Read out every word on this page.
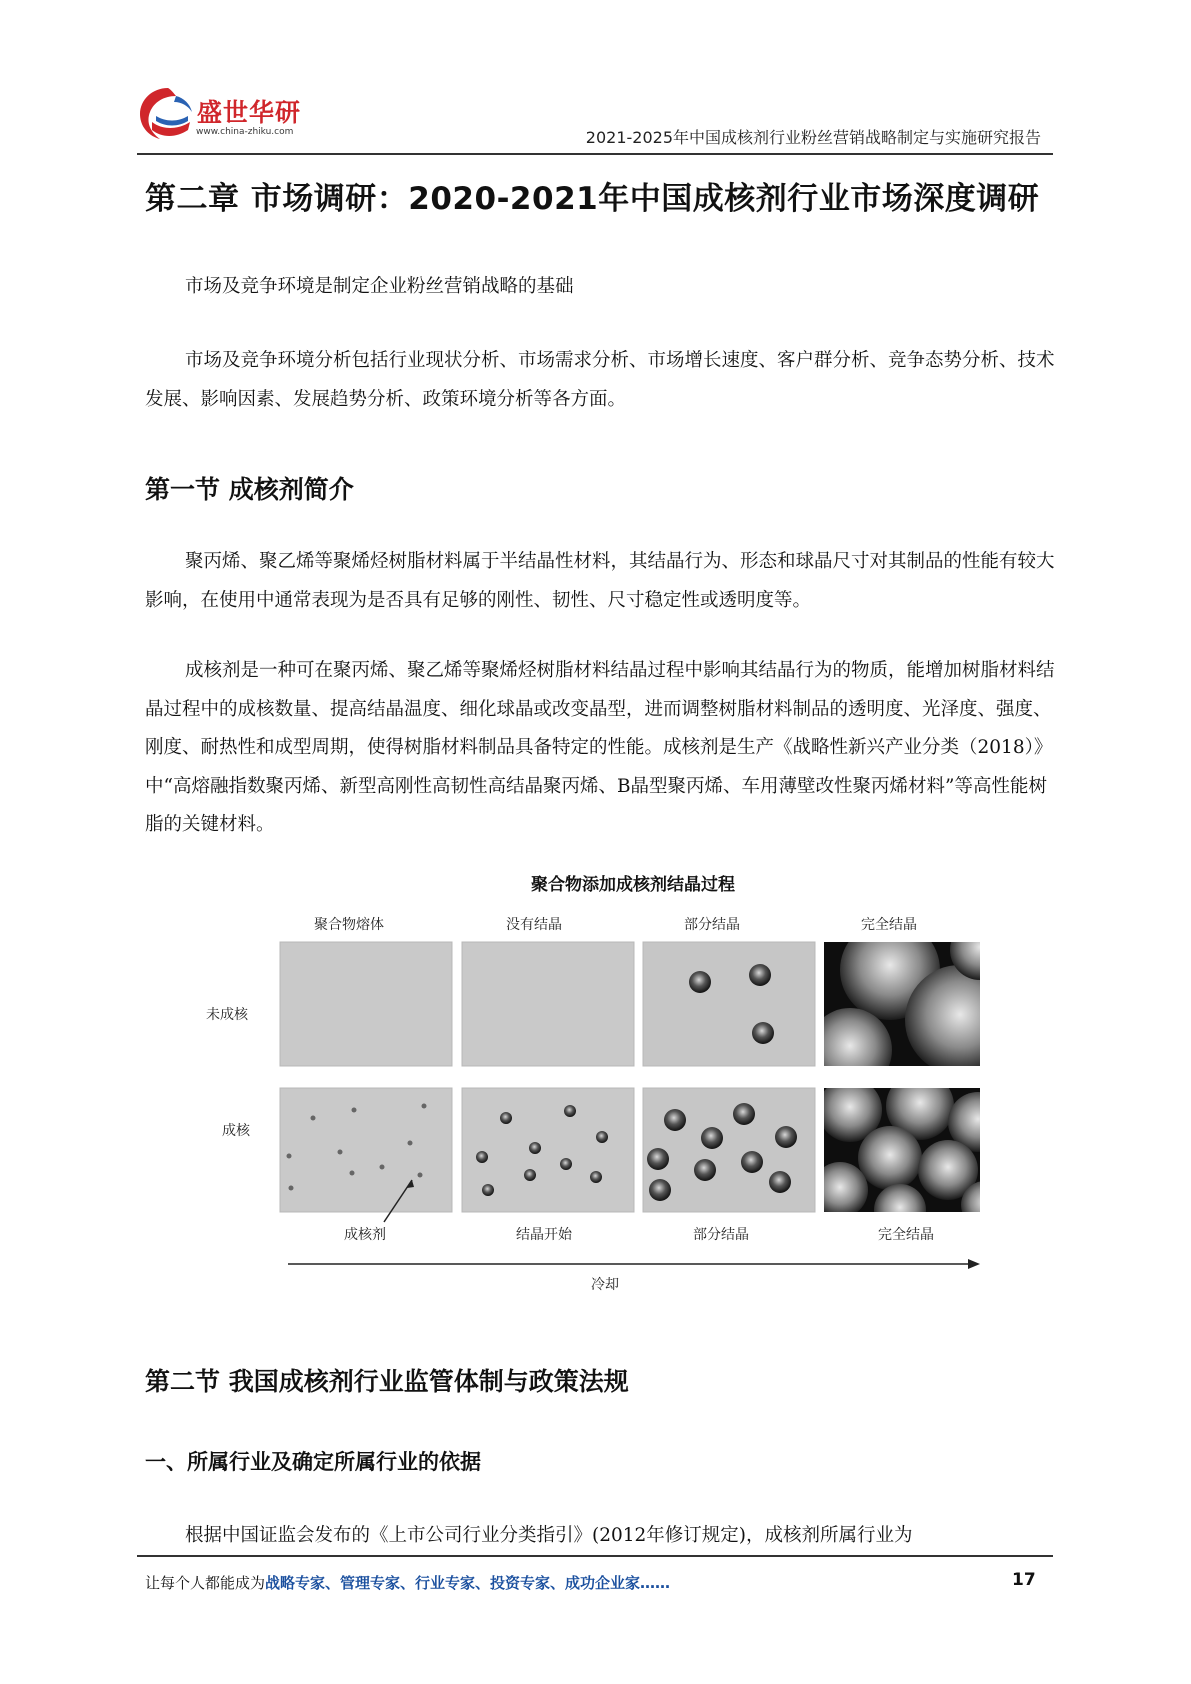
盛世华研
www.china-zhiku.com	2021-2025年中国成核剂行业粉丝营销战略制定与实施研究报告
第二章 市场调研：2020-2021年中国成核剂行业市场深度调研
市场及竞争环境是制定企业粉丝营销战略的基础
市场及竞争环境分析包括行业现状分析、市场需求分析、市场增长速度、客户群分析、竞争态势分析、技术发展、影响因素、发展趋势分析、政策环境分析等各方面。
第一节 成核剂简介
聚丙烯、聚乙烯等聚烯烃树脂材料属于半结晶性材料，其结晶行为、形态和球晶尺寸对其制品的性能有较大影响，在使用中通常表现为是否具有足够的刚性、韧性、尺寸稳定性或透明度等。
成核剂是一种可在聚丙烯、聚乙烯等聚烯烃树脂材料结晶过程中影响其结晶行为的物质，能增加树脂材料结晶过程中的成核数量、提高结晶温度、细化球晶或改变晶型，进而调整树脂材料制品的透明度、光泽度、强度、刚度、耐热性和成型周期，使得树脂材料制品具备特定的性能。成核剂是生产《战略性新兴产业分类（2018）》中“高熔融指数聚丙烯、新型高刚性高韧性高结晶聚丙烯、B晶型聚丙烯、车用薄壁改性聚丙烯材料”等高性能树脂的关键材料。
聚合物添加成核剂结晶过程
聚合物熔体	没有结晶	部分结晶	完全结晶
未成核
成核
成核剂	结晶开始	部分结晶	完全结晶
冷却
第二节 我国成核剂行业监管体制与政策法规
一、所属行业及确定所属行业的依据
根据中国证监会发布的《上市公司行业分类指引》(2012年修订规定)，成核剂所属行业为
让每个人都能成为战略专家、管理专家、行业专家、投资专家、成功企业家……	17
